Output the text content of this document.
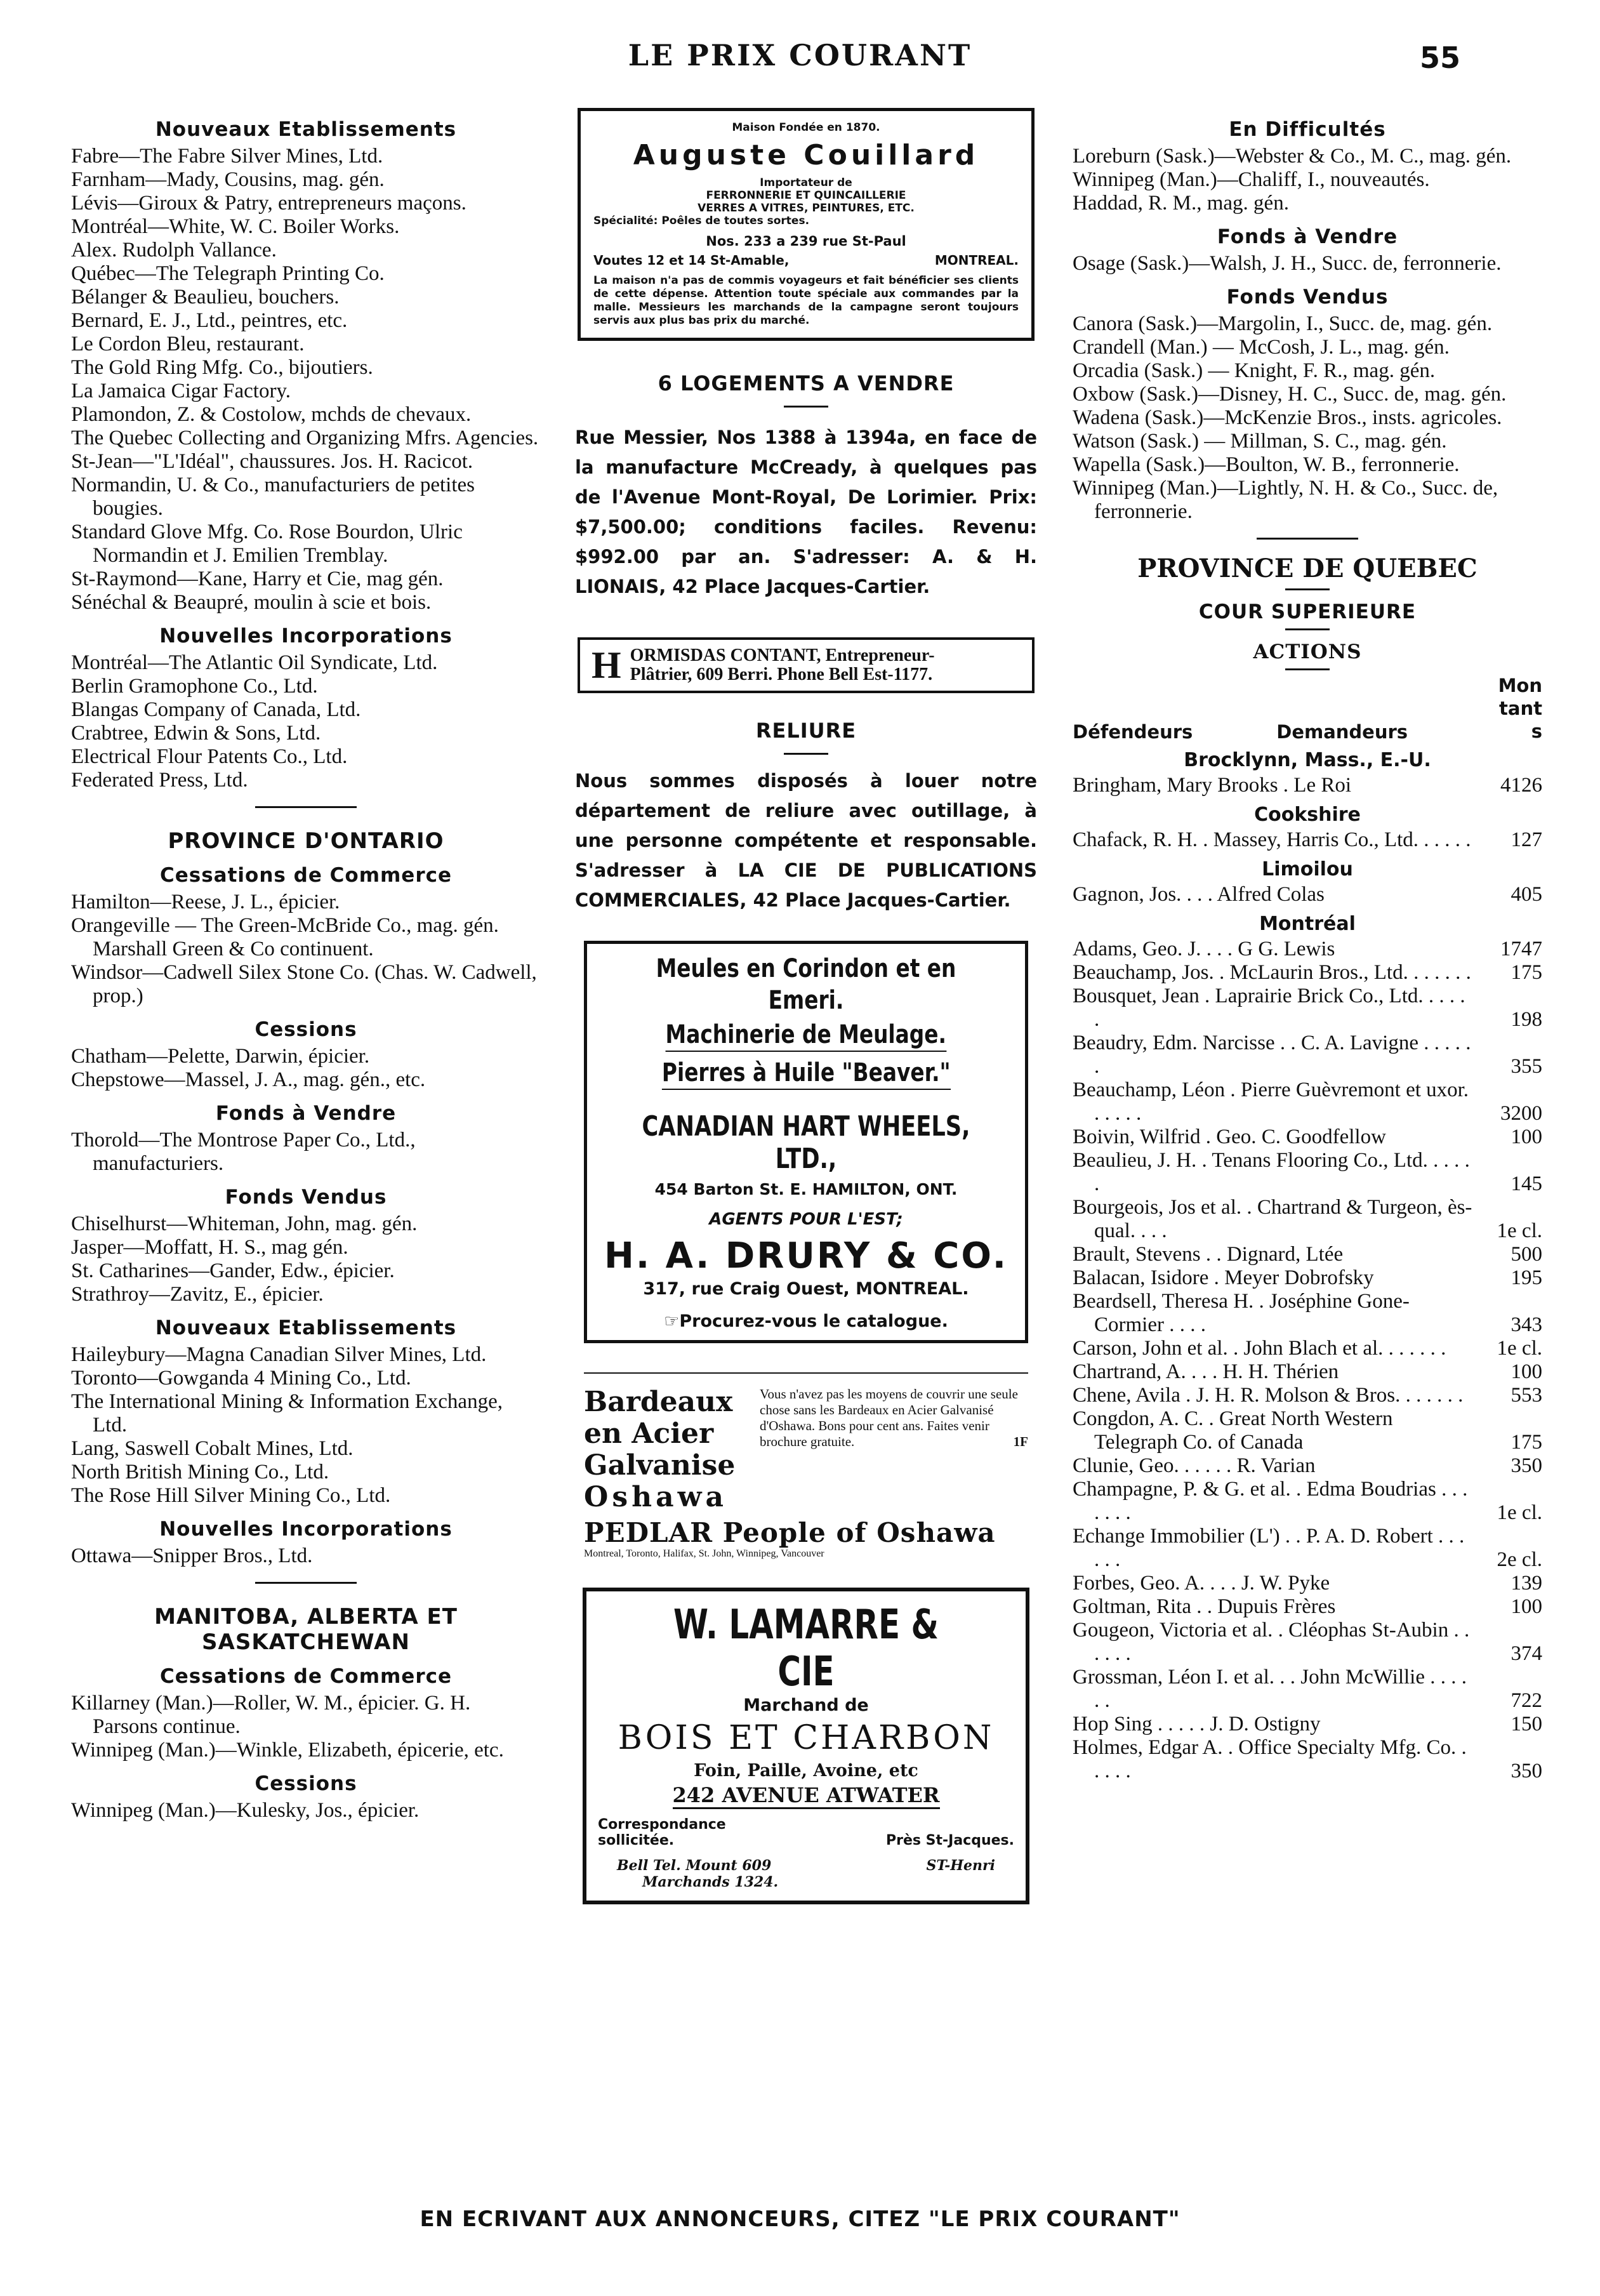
LE PRIX COURANT	55
Nouveaux Etablissements

Fabre—The Fabre Silver Mines, Ltd.

Farnham—Mady, Cousins, mag. gén.

Lévis—Giroux & Patry, entrepreneurs maçons.

Montréal—White, W. C. Boiler Works.

Alex. Rudolph Vallance.

Québec—The Telegraph Printing Co.

Bélanger & Beaulieu, bouchers.

Bernard, E. J., Ltd., peintres, etc.

Le Cordon Bleu, restaurant.

The Gold Ring Mfg. Co., bijoutiers.

La Jamaica Cigar Factory.

Plamondon, Z. & Costolow, mchds de chevaux.

The Quebec Collecting and Organizing Mfrs. Agencies.

St-Jean—"L'Idéal", chaussures. Jos. H. Racicot.

Normandin, U. & Co., manufacturiers de petites bougies.

Standard Glove Mfg. Co. Rose Bourdon, Ulric Normandin et J. Emilien Tremblay.

St-Raymond—Kane, Harry et Cie, mag gén.

Sénéchal & Beaupré, moulin à scie et bois.

Nouvelles Incorporations

Montréal—The Atlantic Oil Syndicate, Ltd.

Berlin Gramophone Co., Ltd.

Blangas Company of Canada, Ltd.

Crabtree, Edwin & Sons, Ltd.

Electrical Flour Patents Co., Ltd.

Federated Press, Ltd.

PROVINCE D'ONTARIO
Cessations de Commerce

Hamilton—Reese, J. L., épicier.

Orangeville — The Green-McBride Co., mag. gén. Marshall Green & Co continuent.

Windsor—Cadwell Silex Stone Co. (Chas. W. Cadwell, prop.)

Cessions

Chatham—Pelette, Darwin, épicier.

Chepstowe—Massel, J. A., mag. gén., etc.

Fonds à Vendre

Thorold—The Montrose Paper Co., Ltd., manufacturiers.

Fonds Vendus

Chiselhurst—Whiteman, John, mag. gén.

Jasper—Moffatt, H. S., mag gén.

St. Catharines—Gander, Edw., épicier.

Strathroy—Zavitz, E., épicier.

Nouveaux Etablissements

Haileybury—Magna Canadian Silver Mines, Ltd.

Toronto—Gowganda 4 Mining Co., Ltd.

The International Mining & Information Exchange, Ltd.

Lang, Saswell Cobalt Mines, Ltd.

North British Mining Co., Ltd.

The Rose Hill Silver Mining Co., Ltd.

Nouvelles Incorporations

Ottawa—Snipper Bros., Ltd.

MANITOBA, ALBERTA ET SASKATCHEWAN
Cessations de Commerce

Killarney (Man.)—Roller, W. M., épicier. G. H. Parsons continue.

Winnipeg (Man.)—Winkle, Elizabeth, épicerie, etc.

Cessions

Winnipeg (Man.)—Kulesky, Jos., épicier.

Maison Fondée en 1870.
Auguste Couillard
Importateur de
FERRONNERIE ET QUINCAILLERIE
VERRES A VITRES, PEINTURES, ETC.
Spécialité: Poêles de toutes sortes.
Nos. 233 a 239 rue St-Paul
Voutes 12 et 14 St-Amable,	MONTREAL.
La maison n'a pas de commis voyageurs et fait bénéficier ses clients de cette dépense. Attention toute spéciale aux commandes par la malle. Messieurs les marchands de la campagne seront toujours servis aux plus bas prix du marché.
6 LOGEMENTS A VENDRE
Rue Messier, Nos 1388 à 1394a, en face de la manufacture McCready, à quelques pas de l'Avenue Mont-Royal, De Lorimier. Prix: $7,500.00; conditions faciles. Revenu: $992.00 par an. S'adresser: A. & H. LIONAIS, 42 Place Jacques-Cartier.
H ORMISDAS CONTANT, Entrepreneur-
Plâtrier, 609 Berri. Phone Bell Est-1177.
RELIURE
Nous sommes disposés à louer notre département de reliure avec outillage, à une personne compétente et responsable. S'adresser à LA CIE DE PUBLICATIONS COMMERCIALES, 42 Place Jacques-Cartier.
Meules en Corindon et en Emeri.
Machinerie de Meulage.
Pierres à Huile "Beaver."
CANADIAN HART WHEELS, LTD.,
454 Barton St. E. HAMILTON, ONT.
AGENTS POUR L'EST;
H. A. DRURY & CO.
317, rue Craig Ouest, MONTREAL.
☞Procurez-vous le catalogue.
Bardeaux
en Acier
Galvanise
Oshawa
Vous n'avez pas les moyens de couvrir une seule chose sans les Bardeaux en Acier Galvanisé d'Oshawa. Bons pour cent ans. Faites venir brochure gratuite.	1F
PEDLAR People of Oshawa
Montreal, Toronto, Halifax, St. John, Winnipeg, Vancouver
W. LAMARRE & CIE
Marchand de
BOIS ET CHARBON
Foin, Paille, Avoine, etc
242 AVENUE ATWATER
Correspondance
sollicitée.	Près St-Jacques.
Bell Tel. Mount 609	ST-Henri
Marchands 1324.
En Difficultés

Loreburn (Sask.)—Webster & Co., M. C., mag. gén.

Winnipeg (Man.)—Chaliff, I., nouveautés.

Haddad, R. M., mag. gén.

Fonds à Vendre

Osage (Sask.)—Walsh, J. H., Succ. de, ferronnerie.

Fonds Vendus

Canora (Sask.)—Margolin, I., Succ. de, mag. gén.

Crandell (Man.) — McCosh, J. L., mag. gén.

Orcadia (Sask.) — Knight, F. R., mag. gén.

Oxbow (Sask.)—Disney, H. C., Succ. de, mag. gén.

Wadena (Sask.)—McKenzie Bros., insts. agricoles.

Watson (Sask.) — Millman, S. C., mag. gén.

Wapella (Sask.)—Boulton, W. B., ferronnerie.

Winnipeg (Man.)—Lightly, N. H. & Co., Succ. de, ferronnerie.

PROVINCE DE QUEBEC
COUR SUPERIEURE
ACTIONS
Défendeurs	Demandeurs
Montants
Brocklynn, Mass., E.-U.
Bringham, Mary Brooks . Le Roi	4126
Cookshire
Chafack, R. H. . Massey, Harris Co., Ltd. . . . . . 127
Limoilou
Gagnon, Jos. . . . Alfred Colas	405
Montréal
Adams, Geo. J. . . . G G. Lewis	1747
Beauchamp, Jos. . McLaurin Bros., Ltd. . . . . . . 175
Bousquet, Jean . Laprairie Brick Co., Ltd. . . . . .	198
Beaudry, Edm. Narcisse . . C. A. Lavigne . . . . . .	355
Beauchamp, Léon . Pierre Guèvremont et uxor. . . . . .	3200
Boivin, Wilfrid . Geo. C. Goodfellow	100
Beaulieu, J. H. . Tenans Flooring Co., Ltd. . . . . .	145
Bourgeois, Jos et al. . Chartrand & Turgeon, ès-qual. . . .	1e cl.
Brault, Stevens . . Dignard, Ltée	500
Balacan, Isidore . Meyer Dobrofsky	195
Beardsell, Theresa H. . Joséphine Gone-Cormier . . . .	343
Carson, John et al. . John Blach et al. . . . . . . 1e cl.
Chartrand, A. . . . H. H. Thérien	100
Chene, Avila . J. H. R. Molson & Bros. . . . . . . 553
Congdon, A. C. . Great North Western Telegraph Co. of Canada	175
Clunie, Geo. . . . . . R. Varian	350
Champagne, P. & G. et al. . Edma Boudrias . . . . . . .	1e cl.
Echange Immobilier (L') . . P. A. D. Robert . . . . . .	2e cl.
Forbes, Geo. A. . . . J. W. Pyke	139
Goltman, Rita . . Dupuis Frères	100
Gougeon, Victoria et al. . Cléophas St-Aubin . . . . . .	374
Grossman, Léon I. et al. . . John McWillie . . . . . .	722
Hop Sing . . . . . J. D. Ostigny	150
Holmes, Edgar A. . Office Specialty Mfg. Co. . . . . .	350
EN ECRIVANT AUX ANNONCEURS, CITEZ "LE PRIX COURANT"
